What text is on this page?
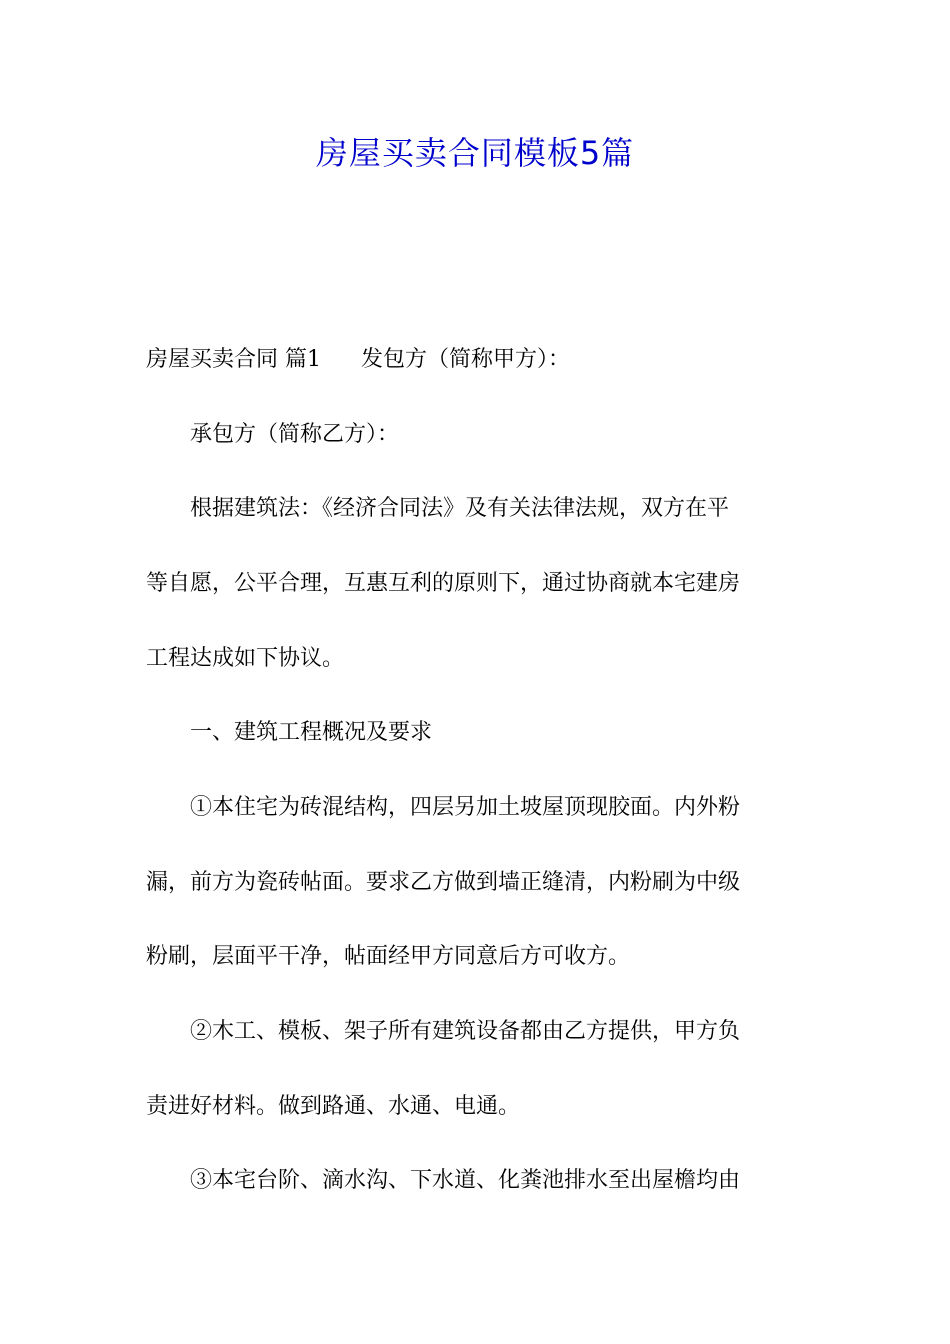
房屋买卖合同模板5篇
房屋买卖合同 篇1 发包方（简称甲方）：
　　承包方（简称乙方）：
　　根据建筑法：《经济合同法》及有关法律法规，双方在平
等自愿，公平合理，互惠互利的原则下，通过协商就本宅建房
工程达成如下协议。
　　一、建筑工程概况及要求
　　①本住宅为砖混结构，四层另加土坡屋顶现胶面。内外粉
漏，前方为瓷砖帖面。要求乙方做到墙正缝清，内粉刷为中级
粉刷，层面平干净，帖面经甲方同意后方可收方。
　　②木工、模板、架子所有建筑设备都由乙方提供，甲方负
责进好材料。做到路通、水通、电通。
　　③本宅台阶、滴水沟、下水道、化粪池排水至出屋檐均由
